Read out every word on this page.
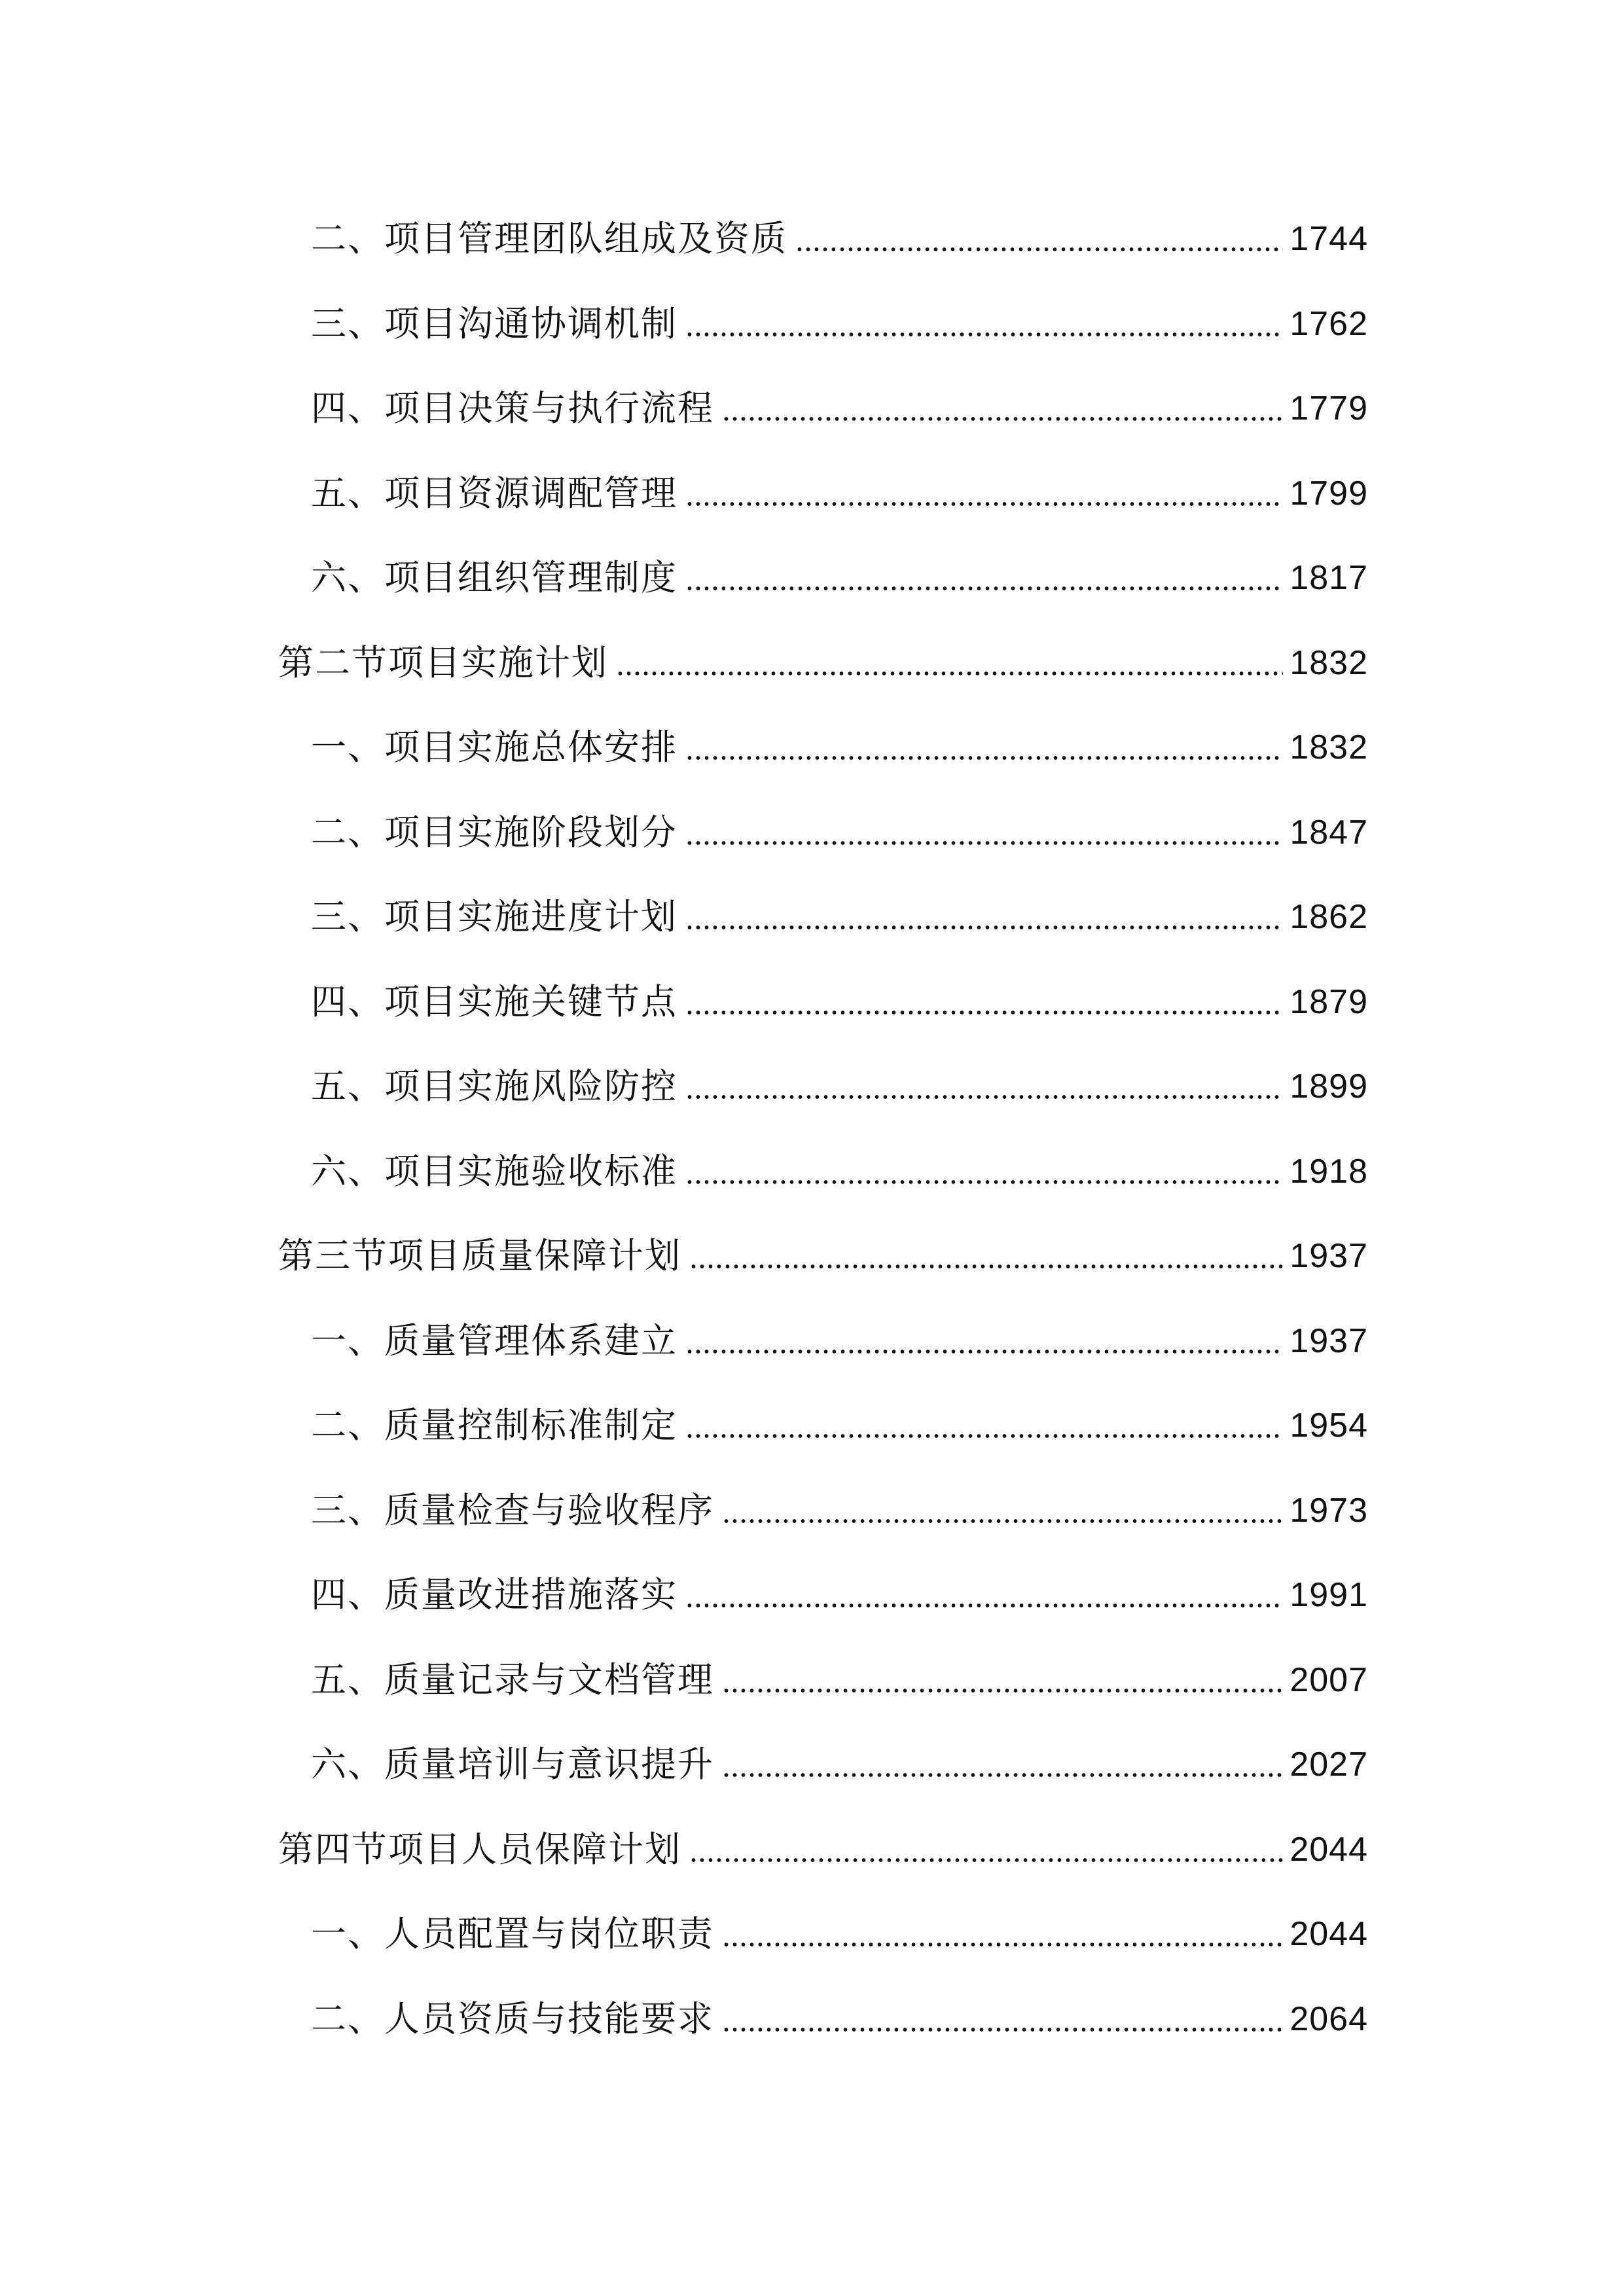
二、项目管理团队组成及资质	1744
三、项目沟通协调机制	1762
四、项目决策与执行流程	1779
五、项目资源调配管理	1799
六、项目组织管理制度	1817
第二节项目实施计划	1832
一、项目实施总体安排	1832
二、项目实施阶段划分	1847
三、项目实施进度计划	1862
四、项目实施关键节点	1879
五、项目实施风险防控	1899
六、项目实施验收标准	1918
第三节项目质量保障计划	1937
一、质量管理体系建立	1937
二、质量控制标准制定	1954
三、质量检查与验收程序	1973
四、质量改进措施落实	1991
五、质量记录与文档管理	2007
六、质量培训与意识提升	2027
第四节项目人员保障计划	2044
一、人员配置与岗位职责	2044
二、人员资质与技能要求	2064
